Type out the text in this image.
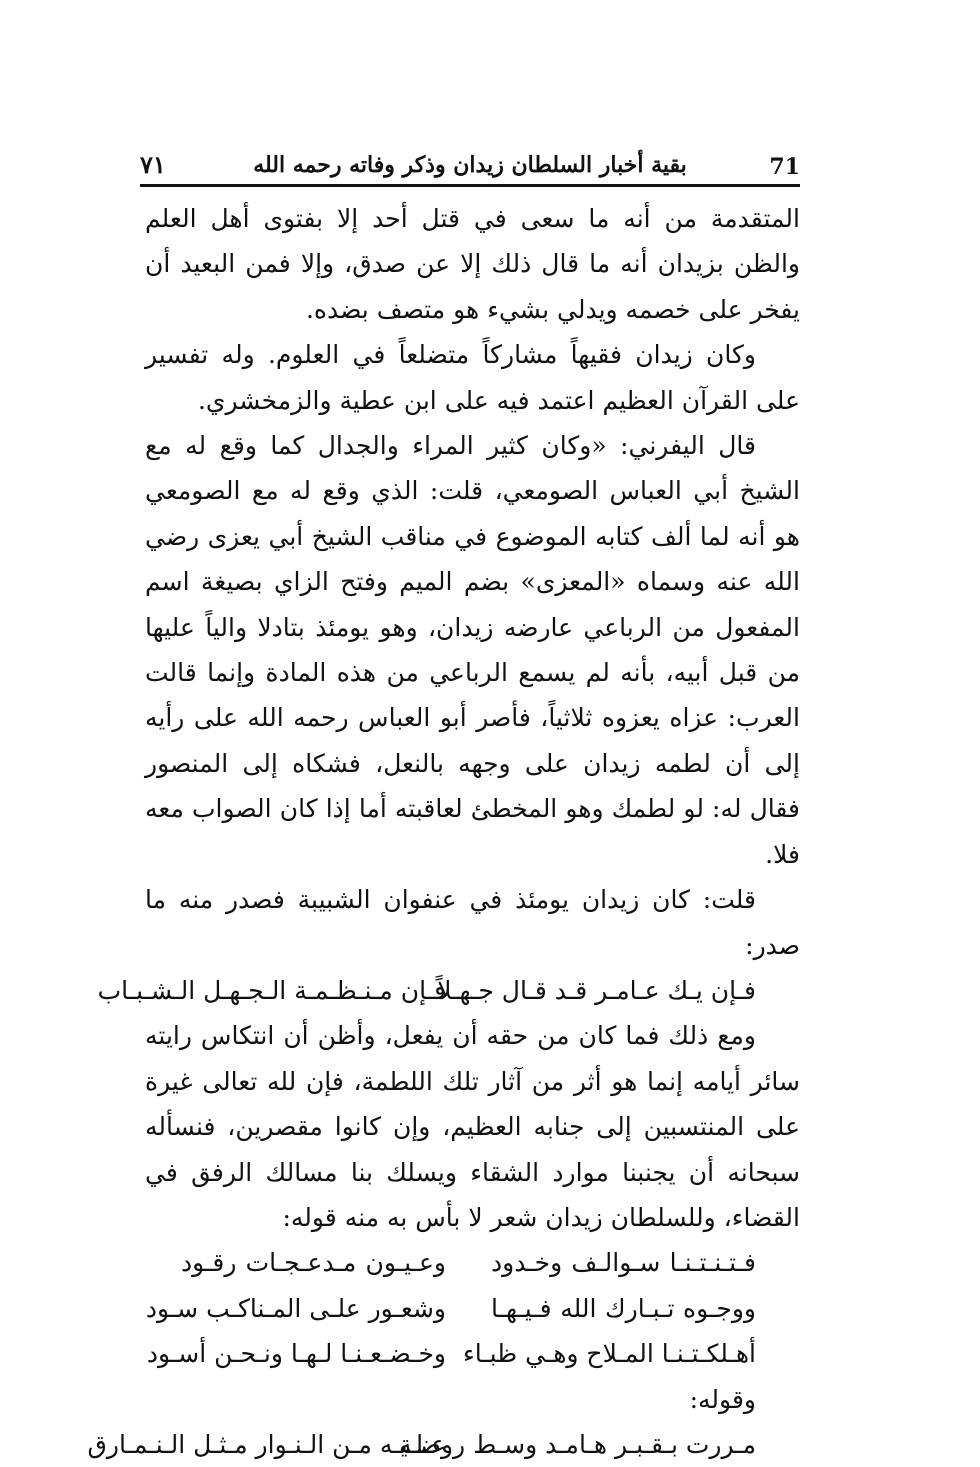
71
بقية أخبار السلطان زيدان وذكر وفاته رحمه الله
٧١

المتقدمة من أنه ما سعى في قتل أحد إلا بفتوى أهل العلم والظن بزيدان أنه ما قال ذلك إلا عن صدق، وإلا فمن البعيد أن يفخر على خصمه ويدلي بشيء هو متصف بضده.

وكان زيدان فقيهاً مشاركاً متضلعاً في العلوم. وله تفسير على القرآن العظيم اعتمد فيه على ابن عطية والزمخشري.

قال اليفرني: «وكان كثير المراء والجدال كما وقع له مع الشيخ أبي العباس الصومعي، قلت: الذي وقع له مع الصومعي هو أنه لما ألف كتابه الموضوع في مناقب الشيخ أبي يعزى رضي الله عنه وسماه «المعزى» بضم الميم وفتح الزاي بصيغة اسم المفعول من الرباعي عارضه زيدان، وهو يومئذ بتادلا والياً عليها من قبل أبيه، بأنه لم يسمع الرباعي من هذه المادة وإنما قالت العرب: عزاه يعزوه ثلاثياً، فأصر أبو العباس رحمه الله على رأيه إلى أن لطمه زيدان على وجهه بالنعل، فشكاه إلى المنصور فقال له: لو لطمك وهو المخطئ لعاقبته أما إذا كان الصواب معه فلا.

قلت: كان زيدان يومئذ في عنفوان الشبيبة فصدر منه ما صدر:

فـإن يـك عـامـر قـد قـال جـهـلاً
فـإن مـنـظـمـة الـجـهـل الـشـبـاب

ومع ذلك فما كان من حقه أن يفعل، وأظن أن انتكاس رايته سائر أيامه إنما هو أثر من آثار تلك اللطمة، فإن لله تعالى غيرة على المنتسبين إلى جنابه العظيم، وإن كانوا مقصرين، فنسأله سبحانه أن يجنبنا موارد الشقاء ويسلك بنا مسالك الرفق في القضاء، وللسلطان زيدان شعر لا بأس به منه قوله:

فـتـنـتـنـا سـوالـف وخـدود
وعـيـون مـدعـجـات رقـود
ووجـوه تـبـارك الله فـيـهـا
وشعـور علـى المـناكـب سـود
أهـلكـتـنـا المـلاح وهـي ظبـاء
وخـضـعـنـا لـهـا ونـحـن أسـود

وقوله:

مـررت بـقـبـر هـامـد وسـط روضـة
عـلـيـه مـن الـنـوار مـثـل الـنـمـارق
